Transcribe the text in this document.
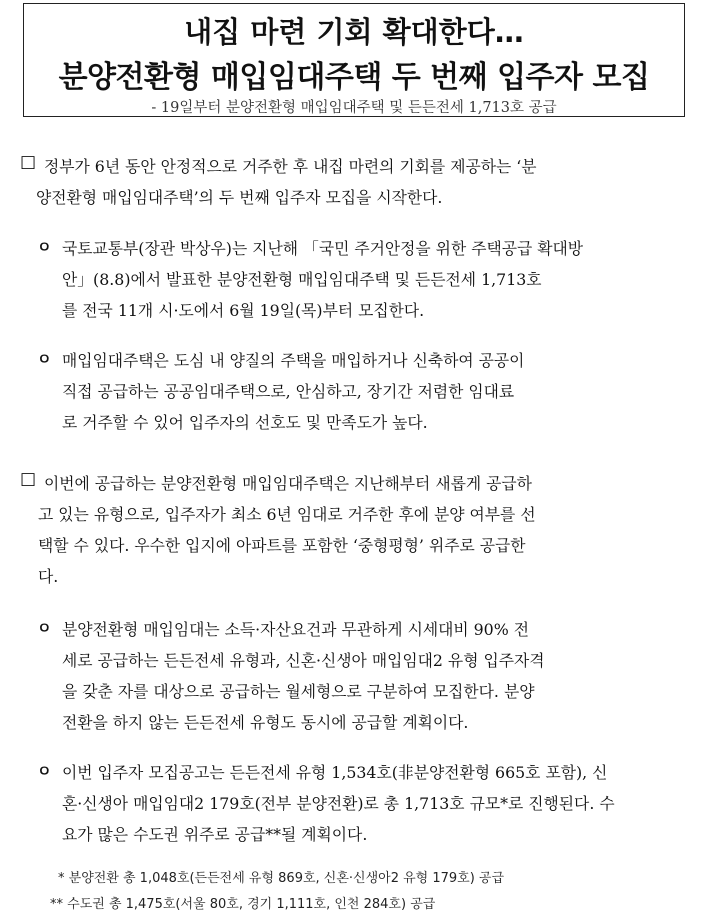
내집 마련 기회 확대한다…
분양전환형 매입임대주택 두 번째 입주자 모집
- 19일부터 분양전환형 매입임대주택 및 든든전세 1,713호 공급
□ 정부가 6년 동안 안정적으로 거주한 후 내집 마련의 기회를 제공하는 ‘분
양전환형 매입임대주택’의 두 번째 입주자 모집을 시작한다.
ㅇ 국토교통부(장관 박상우)는 지난해 「국민 주거안정을 위한 주택공급 확대방
안」(8.8)에서 발표한 분양전환형 매입임대주택 및 든든전세 1,713호
를 전국 11개 시·도에서 6월 19일(목)부터 모집한다.
ㅇ 매입임대주택은 도심 내 양질의 주택을 매입하거나 신축하여 공공이
직접 공급하는 공공임대주택으로, 안심하고, 장기간 저렴한 임대료
로 거주할 수 있어 입주자의 선호도 및 만족도가 높다.
□ 이번에 공급하는 분양전환형 매입임대주택은 지난해부터 새롭게 공급하
고 있는 유형으로, 입주자가 최소 6년 임대로 거주한 후에 분양 여부를 선
택할 수 있다. 우수한 입지에 아파트를 포함한 ‘중형평형’ 위주로 공급한
다.
ㅇ 분양전환형 매입임대는 소득·자산요건과 무관하게 시세대비 90% 전
세로 공급하는 든든전세 유형과, 신혼·신생아 매입임대2 유형 입주자격
을 갖춘 자를 대상으로 공급하는 월세형으로 구분하여 모집한다. 분양
전환을 하지 않는 든든전세 유형도 동시에 공급할 계획이다.
ㅇ 이번 입주자 모집공고는 든든전세 유형 1,534호(非분양전환형 665호 포함), 신
혼·신생아 매입임대2 179호(전부 분양전환)로 총 1,713호 규모*로 진행된다. 수
요가 많은 수도권 위주로 공급**될 계획이다.
* 분양전환 총 1,048호(든든전세 유형 869호, 신혼·신생아2 유형 179호) 공급
** 수도권 총 1,475호(서울 80호, 경기 1,111호, 인천 284호) 공급
